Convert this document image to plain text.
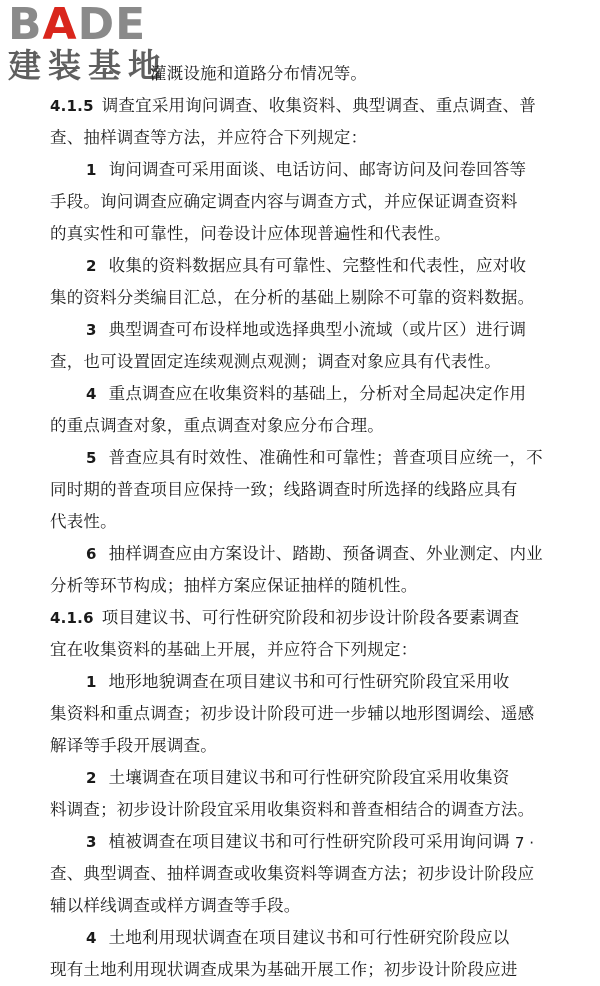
BADE
建装基地
灌溉设施和道路分布情况等。
4.1.5 调查宜采用询问调查、收集资料、典型调查、重点调查、普
查、抽样调查等方法，并应符合下列规定：
1 询问调查可采用面谈、电话访问、邮寄访问及问卷回答等
手段。询问调查应确定调查内容与调查方式，并应保证调查资料
的真实性和可靠性，问卷设计应体现普遍性和代表性。
2 收集的资料数据应具有可靠性、完整性和代表性，应对收
集的资料分类编目汇总，在分析的基础上剔除不可靠的资料数据。
3 典型调查可布设样地或选择典型小流域（或片区）进行调
查，也可设置固定连续观测点观测；调查对象应具有代表性。
4 重点调查应在收集资料的基础上，分析对全局起决定作用
的重点调查对象，重点调查对象应分布合理。
5 普查应具有时效性、准确性和可靠性；普查项目应统一，不
同时期的普查项目应保持一致；线路调查时所选择的线路应具有
代表性。
6 抽样调查应由方案设计、踏勘、预备调查、外业测定、内业
分析等环节构成；抽样方案应保证抽样的随机性。
4.1.6 项目建议书、可行性研究阶段和初步设计阶段各要素调查
宜在收集资料的基础上开展，并应符合下列规定：
1 地形地貌调查在项目建议书和可行性研究阶段宜采用收
集资料和重点调查；初步设计阶段可进一步辅以地形图调绘、遥感
解译等手段开展调查。
2 土壤调查在项目建议书和可行性研究阶段宜采用收集资
料调查；初步设计阶段宜采用收集资料和普查相结合的调查方法。
3 植被调查在项目建议书和可行性研究阶段可采用询问调
查、典型调查、抽样调查或收集资料等调查方法；初步设计阶段应
辅以样线调查或样方调查等手段。
4 土地利用现状调查在项目建议书和可行性研究阶段应以
现有土地利用现状调查成果为基础开展工作；初步设计阶段应进
· 7 ·
